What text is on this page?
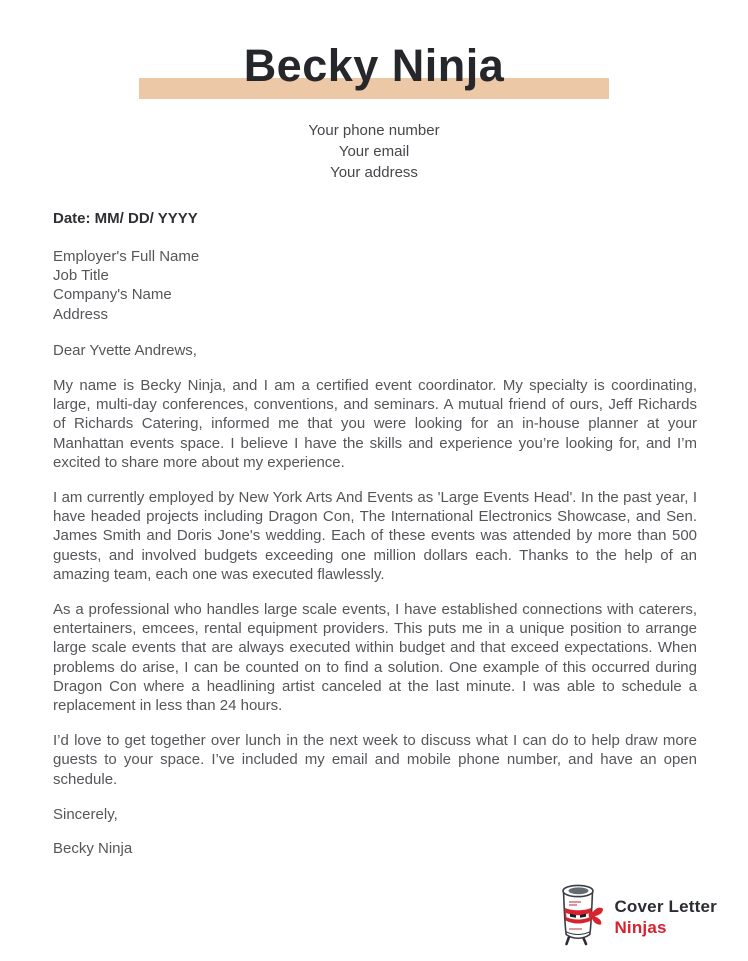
Becky Ninja
Your phone number
Your email
Your address
Date: MM/ DD/ YYYY
Employer's Full Name
Job Title
Company's Name
Address
Dear Yvette Andrews,

My name is Becky Ninja, and I am a certified event coordinator. My specialty is coordinating, large, multi-day conferences, conventions, and seminars. A mutual friend of ours, Jeff Richards of Richards Catering, informed me that you were looking for an in-house planner at your Manhattan events space. I believe I have the skills and experience you’re looking for, and I’m excited to share more about my experience.

I am currently employed by New York Arts And Events as 'Large Events Head'. In the past year, I have headed projects including Dragon Con, The International Electronics Showcase, and Sen. James Smith and Doris Jone's wedding. Each of these events was attended by more than 500 guests, and involved budgets exceeding one million dollars each. Thanks to the help of an amazing team, each one was executed flawlessly.

As a professional who handles large scale events, I have established connections with caterers, entertainers, emcees, rental equipment providers. This puts me in a unique position to arrange large scale events that are always executed within budget and that exceed expectations. When problems do arise, I can be counted on to find a solution. One example of this occurred during Dragon Con where a headlining artist canceled at the last minute. I was able to schedule a replacement in less than 24 hours.

I’d love to get together over lunch in the next week to discuss what I can do to help draw more guests to your space. I’ve included my email and mobile phone number, and have an open schedule.

Sincerely,
Becky Ninja
Cover Letter
Ninjas
